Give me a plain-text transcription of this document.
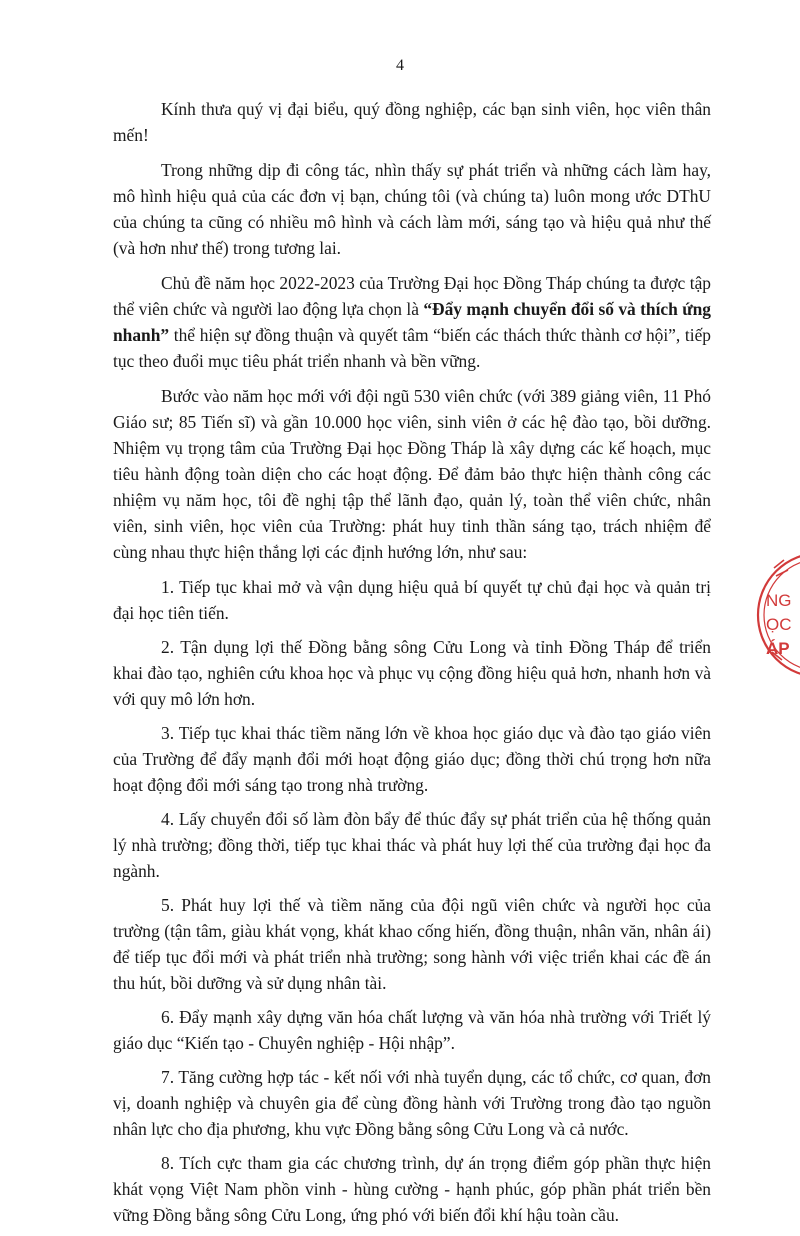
4

Kính thưa quý vị đại biểu, quý đồng nghiệp, các bạn sinh viên, học viên thân mến!

Trong những dịp đi công tác, nhìn thấy sự phát triển và những cách làm hay, mô hình hiệu quả của các đơn vị bạn, chúng tôi (và chúng ta) luôn mong ước DThU của chúng ta cũng có nhiều mô hình và cách làm mới, sáng tạo và hiệu quả như thế (và hơn như thế) trong tương lai.

Chủ đề năm học 2022-2023 của Trường Đại học Đồng Tháp chúng ta được tập thể viên chức và người lao động lựa chọn là “Đẩy mạnh chuyển đổi số và thích ứng nhanh” thể hiện sự đồng thuận và quyết tâm “biến các thách thức thành cơ hội”, tiếp tục theo đuổi mục tiêu phát triển nhanh và bền vững.

Bước vào năm học mới với đội ngũ 530 viên chức (với 389 giảng viên, 11 Phó Giáo sư; 85 Tiến sĩ) và gần 10.000 học viên, sinh viên ở các hệ đào tạo, bồi dưỡng. Nhiệm vụ trọng tâm của Trường Đại học Đồng Tháp là xây dựng các kế hoạch, mục tiêu hành động toàn diện cho các hoạt động. Để đảm bảo thực hiện thành công các nhiệm vụ năm học, tôi đề nghị tập thể lãnh đạo, quản lý, toàn thể viên chức, nhân viên, sinh viên, học viên của Trường: phát huy tinh thần sáng tạo, trách nhiệm để cùng nhau thực hiện thắng lợi các định hướng lớn, như sau:

1. Tiếp tục khai mở và vận dụng hiệu quả bí quyết tự chủ đại học và quản trị đại học tiên tiến.

2. Tận dụng lợi thế Đồng bằng sông Cửu Long và tỉnh Đồng Tháp để triển khai đào tạo, nghiên cứu khoa học và phục vụ cộng đồng hiệu quả hơn, nhanh hơn và với quy mô lớn hơn.

3. Tiếp tục khai thác tiềm năng lớn về khoa học giáo dục và đào tạo giáo viên của Trường để đẩy mạnh đổi mới hoạt động giáo dục; đồng thời chú trọng hơn nữa hoạt động đổi mới sáng tạo trong nhà trường.

4. Lấy chuyển đổi số làm đòn bẩy để thúc đẩy sự phát triển của hệ thống quản lý nhà trường; đồng thời, tiếp tục khai thác và phát huy lợi thế của trường đại học đa ngành.

5. Phát huy lợi thế và tiềm năng của đội ngũ viên chức và người học của trường (tận tâm, giàu khát vọng, khát khao cống hiến, đồng thuận, nhân văn, nhân ái) để tiếp tục đổi mới và phát triển nhà trường; song hành với việc triển khai các đề án thu hút, bồi dưỡng và sử dụng nhân tài.

6. Đẩy mạnh xây dựng văn hóa chất lượng và văn hóa nhà trường với Triết lý giáo dục “Kiến tạo - Chuyên nghiệp - Hội nhập”.

7. Tăng cường hợp tác - kết nối với nhà tuyển dụng, các tổ chức, cơ quan, đơn vị, doanh nghiệp và chuyên gia để cùng đồng hành với Trường trong đào tạo nguồn nhân lực cho địa phương, khu vực Đồng bằng sông Cửu Long và cả nước.

8. Tích cực tham gia các chương trình, dự án trọng điểm góp phần thực hiện khát vọng Việt Nam phồn vinh - hùng cường - hạnh phúc, góp phần phát triển bền vững Đồng bằng sông Cửu Long, ứng phó với biến đổi khí hậu toàn cầu.

NG
ỌC
ÁP
